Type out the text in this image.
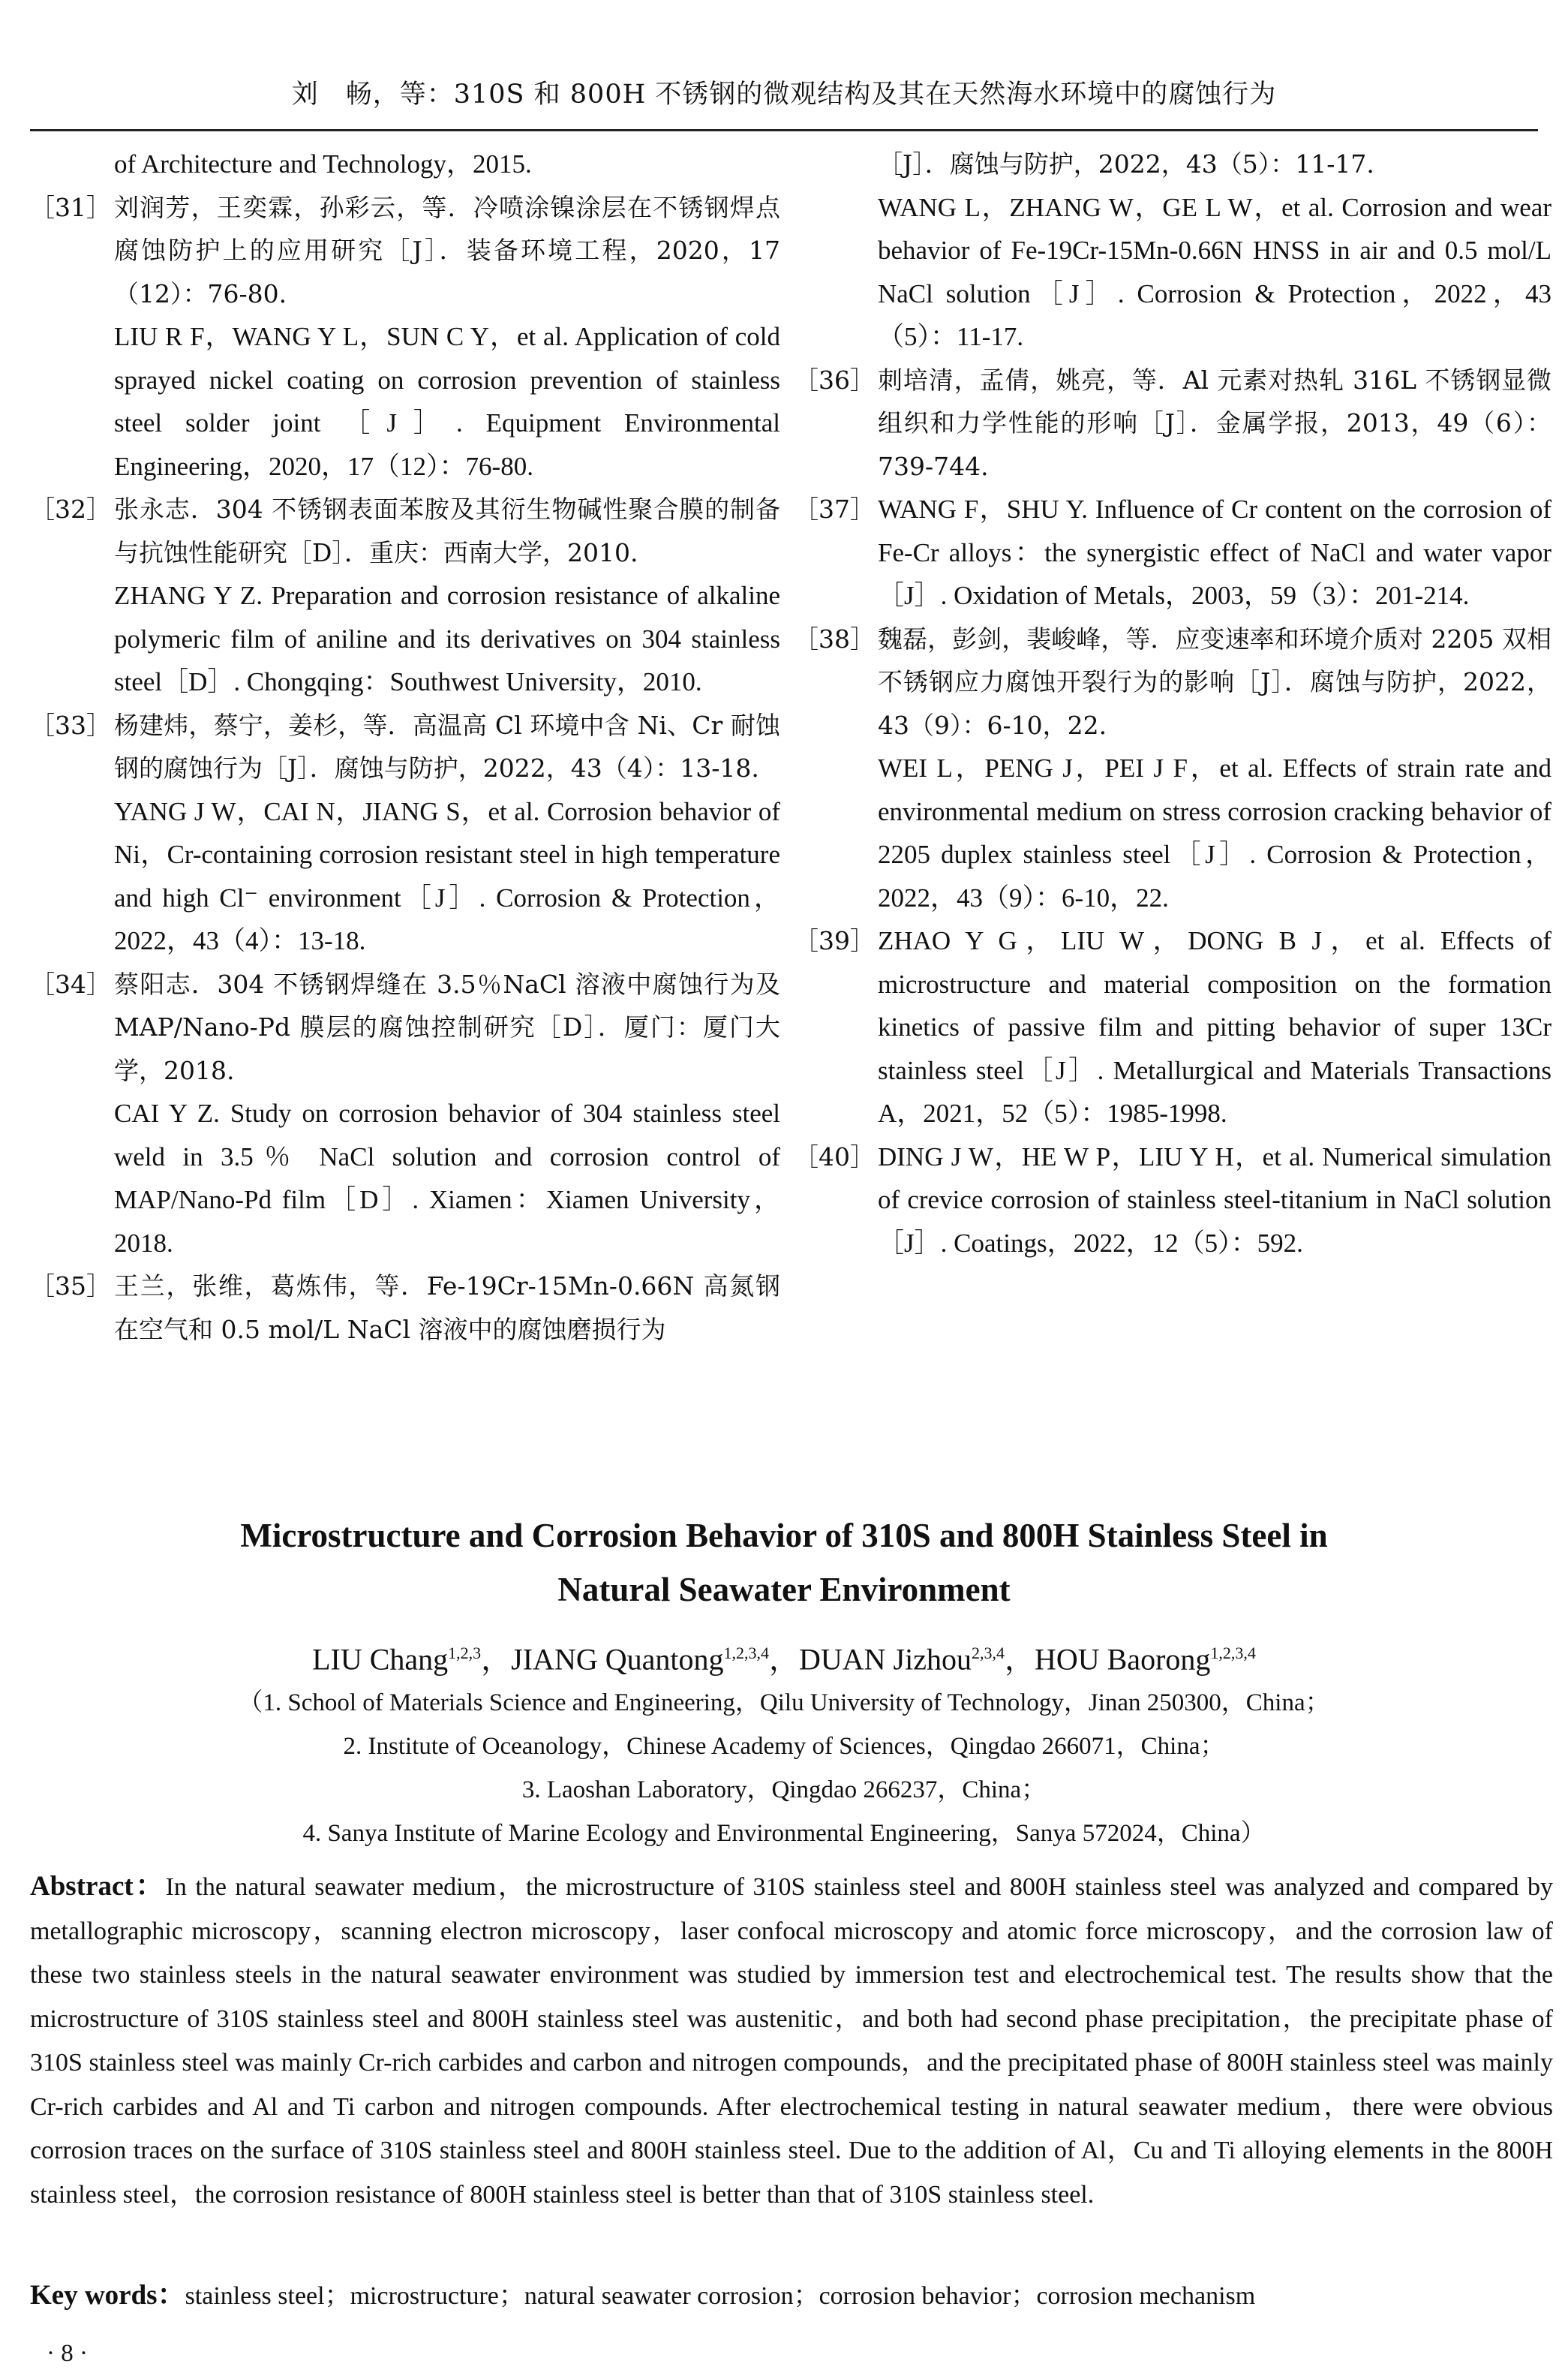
刘　畅，等：310S 和 800H 不锈钢的微观结构及其在天然海水环境中的腐蚀行为
of Architecture and Technology，2015.
［31］ 刘润芳，王奕霖，孙彩云，等．冷喷涂镍涂层在不锈钢焊点腐蚀防护上的应用研究［J］．装备环境工程，2020，17（12）：76-80.
LIU R F，WANG Y L，SUN C Y，et al. Application of cold sprayed nickel coating on corrosion prevention of stainless steel solder joint ［J］. Equipment Environmental Engineering，2020，17（12）：76-80.
［32］ 张永志．304 不锈钢表面苯胺及其衍生物碱性聚合膜的制备与抗蚀性能研究［D］．重庆：西南大学，2010.
ZHANG Y Z. Preparation and corrosion resistance of alkaline polymeric film of aniline and its derivatives on 304 stainless steel［D］. Chongqing：Southwest University，2010.
［33］ 杨建炜，蔡宁，姜杉，等．高温高 Cl 环境中含 Ni、Cr 耐蚀钢的腐蚀行为［J］．腐蚀与防护，2022，43（4）：13-18.
YANG J W，CAI N，JIANG S，et al. Corrosion behavior of Ni，Cr-containing corrosion resistant steel in high temperature and high Cl⁻ environment［J］. Corrosion & Protection，2022，43（4）：13-18.
［34］ 蔡阳志．304 不锈钢焊缝在 3.5％NaCl 溶液中腐蚀行为及 MAP/Nano-Pd 膜层的腐蚀控制研究［D］．厦门：厦门大学，2018.
CAI Y Z. Study on corrosion behavior of 304 stainless steel weld in 3.5％ NaCl solution and corrosion control of MAP/Nano-Pd film［D］. Xiamen：Xiamen University，2018.
［35］ 王兰，张维，葛炼伟，等．Fe-19Cr-15Mn-0.66N 高氮钢在空气和 0.5 mol/L NaCl 溶液中的腐蚀磨损行为
［J］．腐蚀与防护，2022，43（5）：11-17.
WANG L，ZHANG W，GE L W，et al. Corrosion and wear behavior of Fe-19Cr-15Mn-0.66N HNSS in air and 0.5 mol/L NaCl solution［J］. Corrosion & Protection，2022，43（5）：11-17.
［36］ 刺培清，孟倩，姚亮，等．Al 元素对热轧 316L 不锈钢显微组织和力学性能的形响［J］．金属学报，2013，49（6）：739-744.
［37］ WANG F，SHU Y. Influence of Cr content on the corrosion of Fe-Cr alloys：the synergistic effect of NaCl and water vapor［J］. Oxidation of Metals，2003，59（3）：201-214.
［38］ 魏磊，彭剑，裴峻峰，等．应变速率和环境介质对 2205 双相不锈钢应力腐蚀开裂行为的影响［J］．腐蚀与防护，2022，43（9）：6-10，22.
WEI L，PENG J，PEI J F，et al. Effects of strain rate and environmental medium on stress corrosion cracking behavior of 2205 duplex stainless steel［J］. Corrosion & Protection，2022，43（9）：6-10，22.
［39］ ZHAO Y G，LIU W，DONG B J，et al. Effects of microstructure and material composition on the formation kinetics of passive film and pitting behavior of super 13Cr stainless steel［J］. Metallurgical and Materials Transactions A，2021，52（5）：1985-1998.
［40］ DING J W，HE W P，LIU Y H，et al. Numerical simulation of crevice corrosion of stainless steel-titanium in NaCl solution［J］. Coatings，2022，12（5）：592.
Microstructure and Corrosion Behavior of 310S and 800H Stainless Steel in
Natural Seawater Environment
LIU Chang$^{1,2,3}$，JIANG Quantong$^{1,2,3,4}$，DUAN Jizhou$^{2,3,4}$，HOU Baorong$^{1,2,3,4}$
（1. School of Materials Science and Engineering，Qilu University of Technology，Jinan 250300，China；
2. Institute of Oceanology，Chinese Academy of Sciences，Qingdao 266071，China；
3. Laoshan Laboratory，Qingdao 266237，China；
4. Sanya Institute of Marine Ecology and Environmental Engineering，Sanya 572024，China）
Abstract：In the natural seawater medium，the microstructure of 310S stainless steel and 800H stainless steel was analyzed and compared by metallographic microscopy，scanning electron microscopy，laser confocal microscopy and atomic force microscopy，and the corrosion law of these two stainless steels in the natural seawater environment was studied by immersion test and electrochemical test. The results show that the microstructure of 310S stainless steel and 800H stainless steel was austenitic，and both had second phase precipitation，the precipitate phase of 310S stainless steel was mainly Cr-rich carbides and carbon and nitrogen compounds，and the precipitated phase of 800H stainless steel was mainly Cr-rich carbides and Al and Ti carbon and nitrogen compounds. After electrochemical testing in natural seawater medium，there were obvious corrosion traces on the surface of 310S stainless steel and 800H stainless steel. Due to the addition of Al，Cu and Ti alloying elements in the 800H stainless steel，the corrosion resistance of 800H stainless steel is better than that of 310S stainless steel.
Key words：stainless steel；microstructure；natural seawater corrosion；corrosion behavior；corrosion mechanism
· 8 ·
